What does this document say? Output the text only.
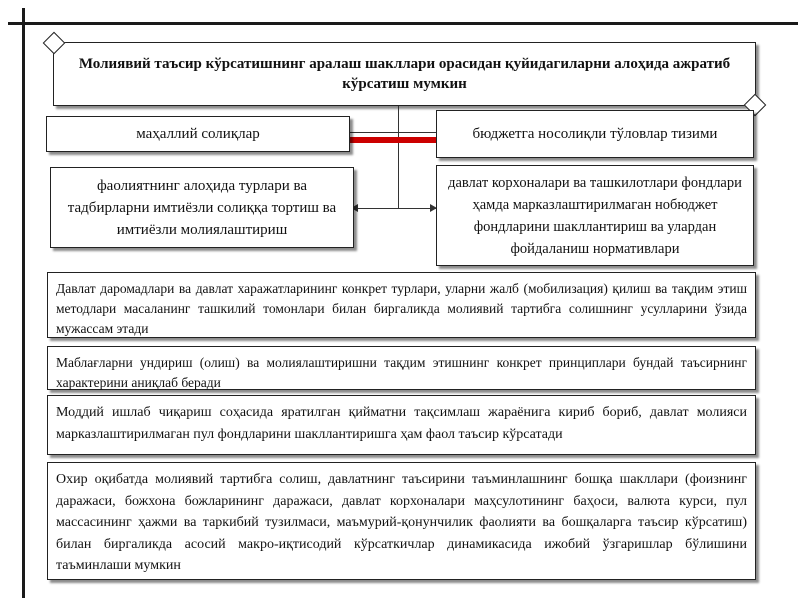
Молиявий таъсир кўрсатишнинг аралаш шакллари орасидан қуйидагиларни алоҳида ажратиб кўрсатиш мумкин
маҳаллий солиқлар
фаолиятнинг алоҳида турлари ва тадбирларни имтиёзли солиққа тортиш ва имтиёзли молиялаштириш
бюджетга носолиқли тўловлар тизими
давлат корхоналари ва ташкилотлари фондлари ҳамда марказлаштирилмаган нобюджет фондларини шакллантириш ва улардан фойдаланиш нормативлари
Давлат даромадлари ва давлат харажатларининг конкрет турлари, уларни жалб (мобилизация) қилиш ва тақдим этиш методлари масаланинг ташкилий томонлари билан биргаликда молиявий тартибга солишнинг усулларини ўзида мужассам этади
Маблағларни ундириш (олиш) ва молиялаштиришни тақдим этишнинг конкрет принциплари бундай таъсирнинг характерини аниқлаб беради
Моддий ишлаб чиқариш соҳасида яратилган қийматни тақсимлаш жараёнига кириб бориб, давлат молияси марказлаштирилмаган пул фондларини шакллантиришга ҳам фаол таъсир кўрсатади
Охир оқибатда молиявий тартибга солиш, давлатнинг таъсирини таъминлашнинг бошқа шакллари (фоизнинг даражаси, божхона божларининг даражаси, давлат корхоналари маҳсулотининг баҳоси, валюта курси, пул массасининг ҳажми ва таркибий тузилмаси, маъмурий-қонунчилик фаолияти ва бошқаларга таъсир кўрсатиш) билан биргаликда асосий макро-иқтисодий кўрсаткичлар динамикасида ижобий ўзгаришлар бўлишини таъминлаши мумкин
